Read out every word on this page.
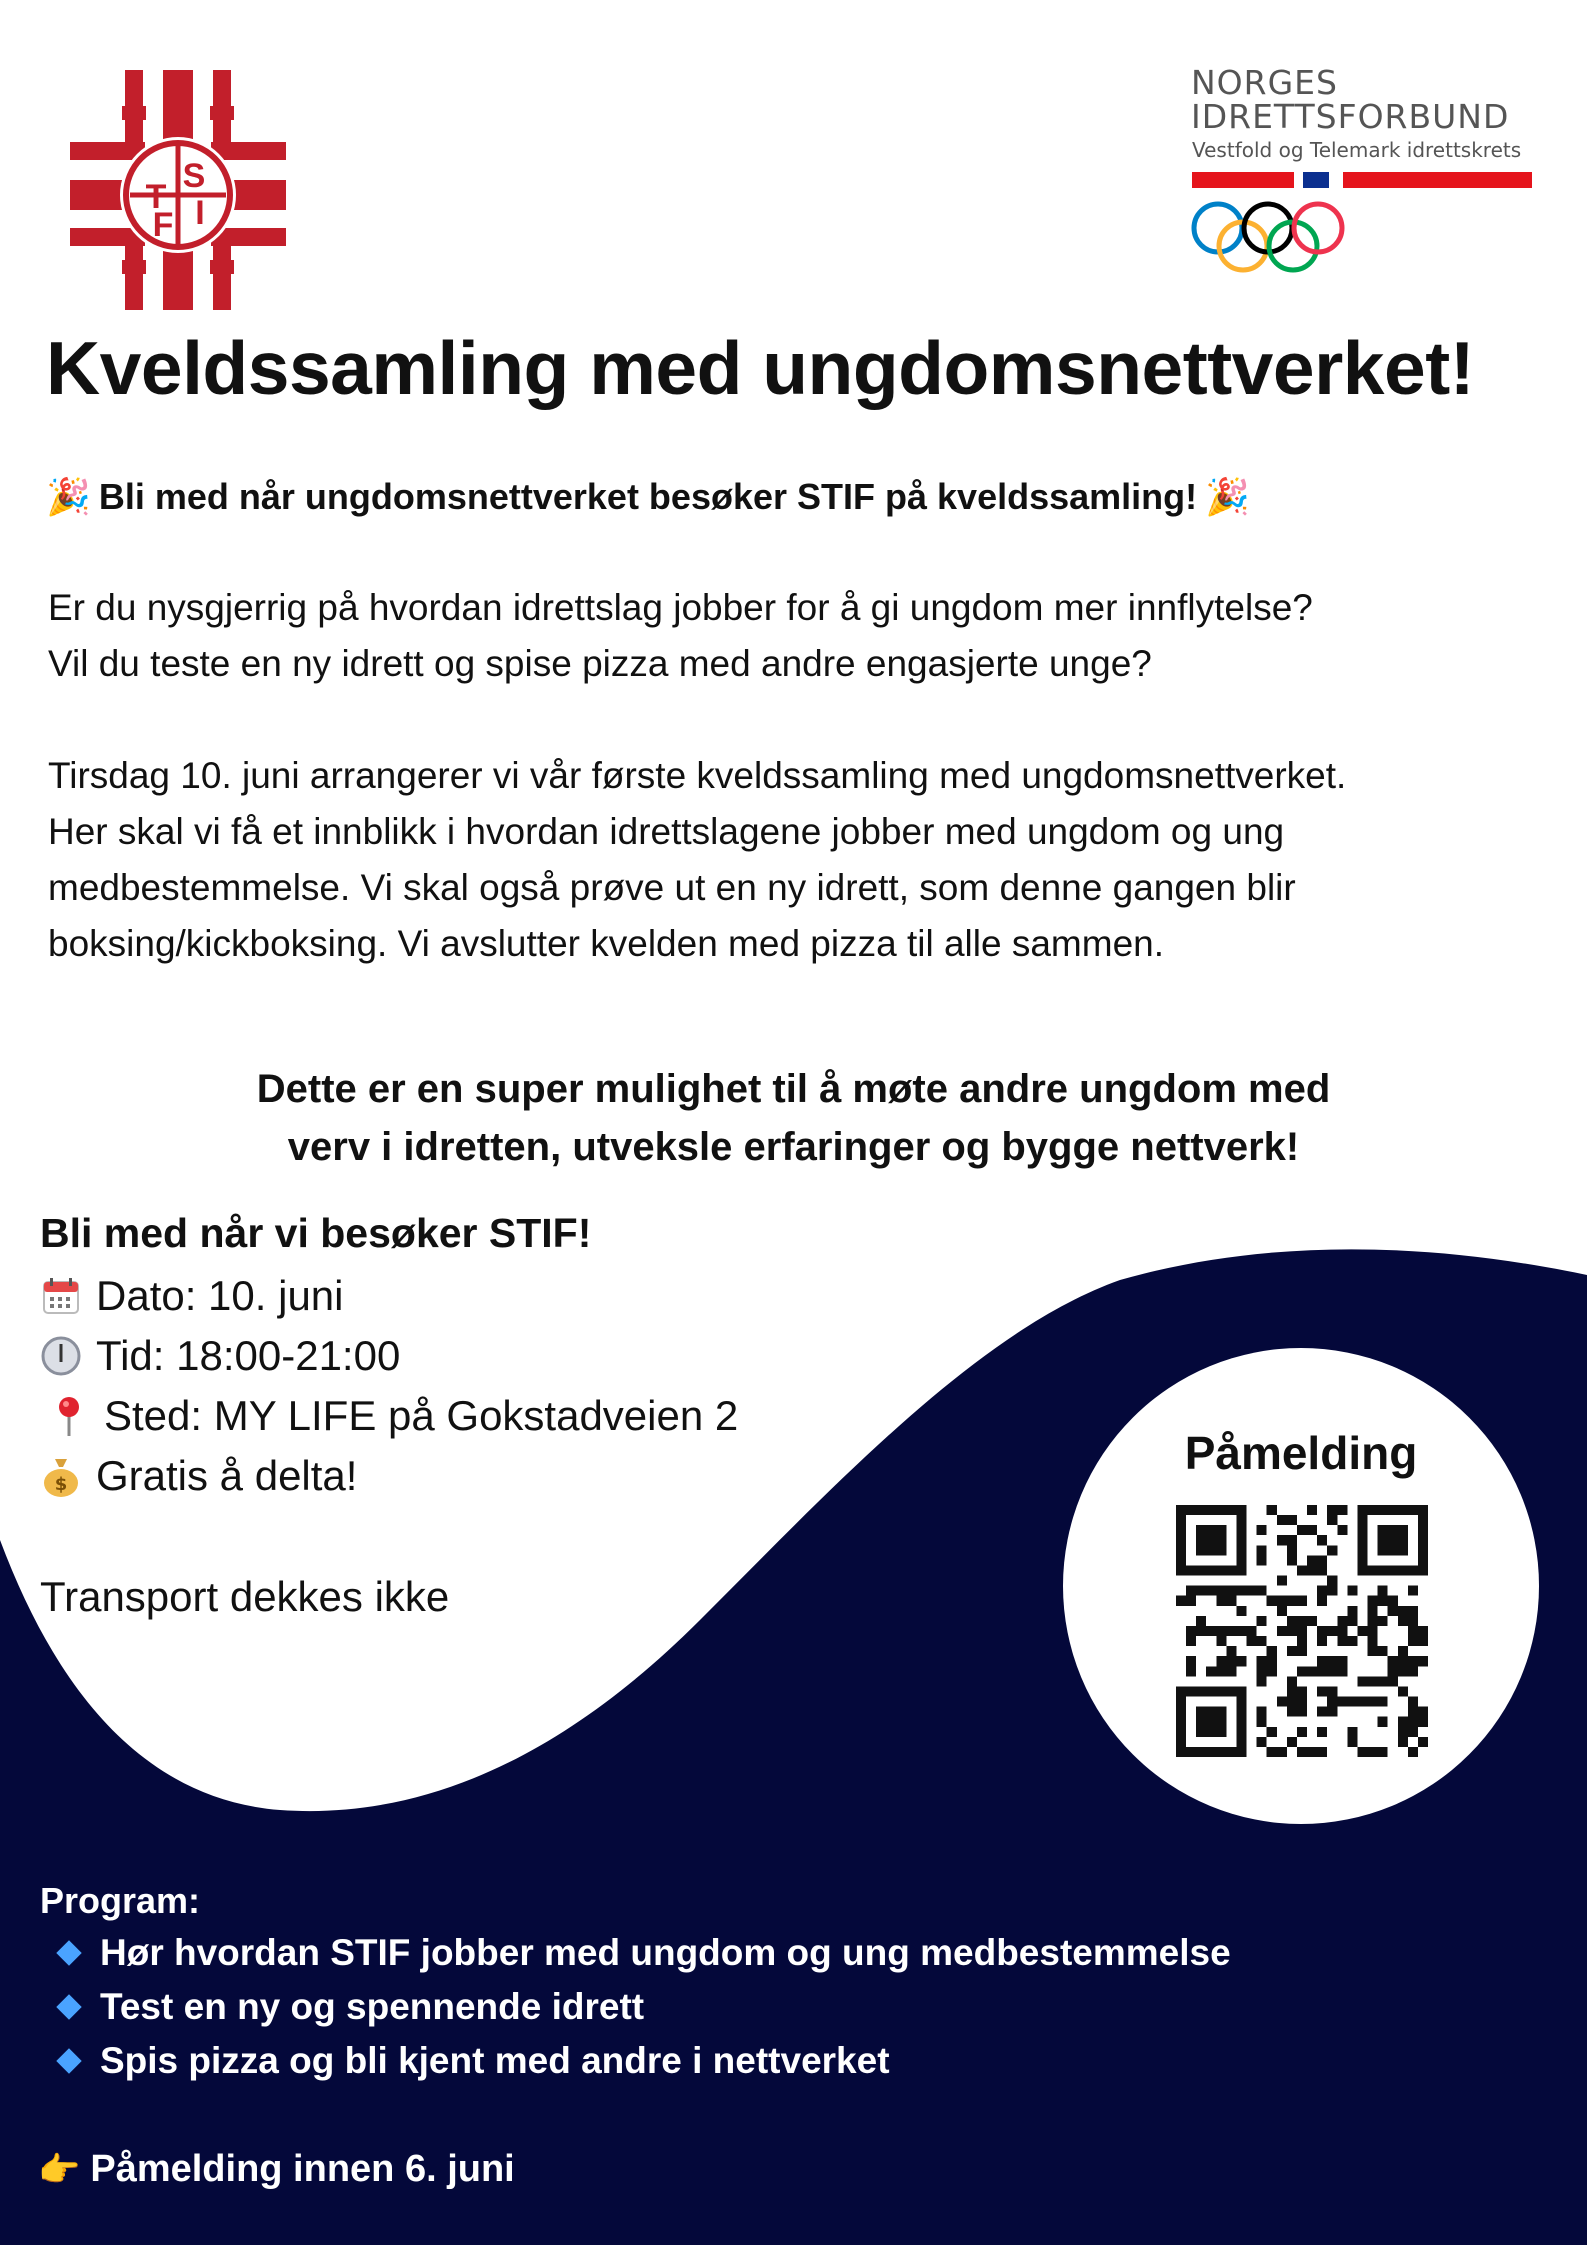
S
T
F I
NORGES
IDRETTSFORBUND
Vestfold og Telemark idrettskrets
Kveldssamling med ungdomsnettverket!
🎉 Bli med når ungdomsnettverket besøker STIF på kveldssamling! 🎉
Er du nysgjerrig på hvordan idrettslag jobber for å gi ungdom mer innflytelse?
Vil du teste en ny idrett og spise pizza med andre engasjerte unge?
Tirsdag 10. juni arrangerer vi vår første kveldssamling med ungdomsnettverket.
Her skal vi få et innblikk i hvordan idrettslagene jobber med ungdom og ung
medbestemmelse. Vi skal også prøve ut en ny idrett, som denne gangen blir
boksing/kickboksing. Vi avslutter kvelden med pizza til alle sammen.
Dette er en super mulighet til å møte andre ungdom med
verv i idretten, utveksle erfaringer og bygge nettverk!
Bli med når vi besøker STIF!
Dato: 10. juni
Tid: 18:00-21:00
Sted: MY LIFE på Gokstadveien 2
$ Gratis å delta!
Transport dekkes ikke
Påmelding
Program:
Hør hvordan STIF jobber med ungdom og ung medbestemmelse
Test en ny og spennende idrett
Spis pizza og bli kjent med andre i nettverket
👉 Påmelding innen 6. juni
